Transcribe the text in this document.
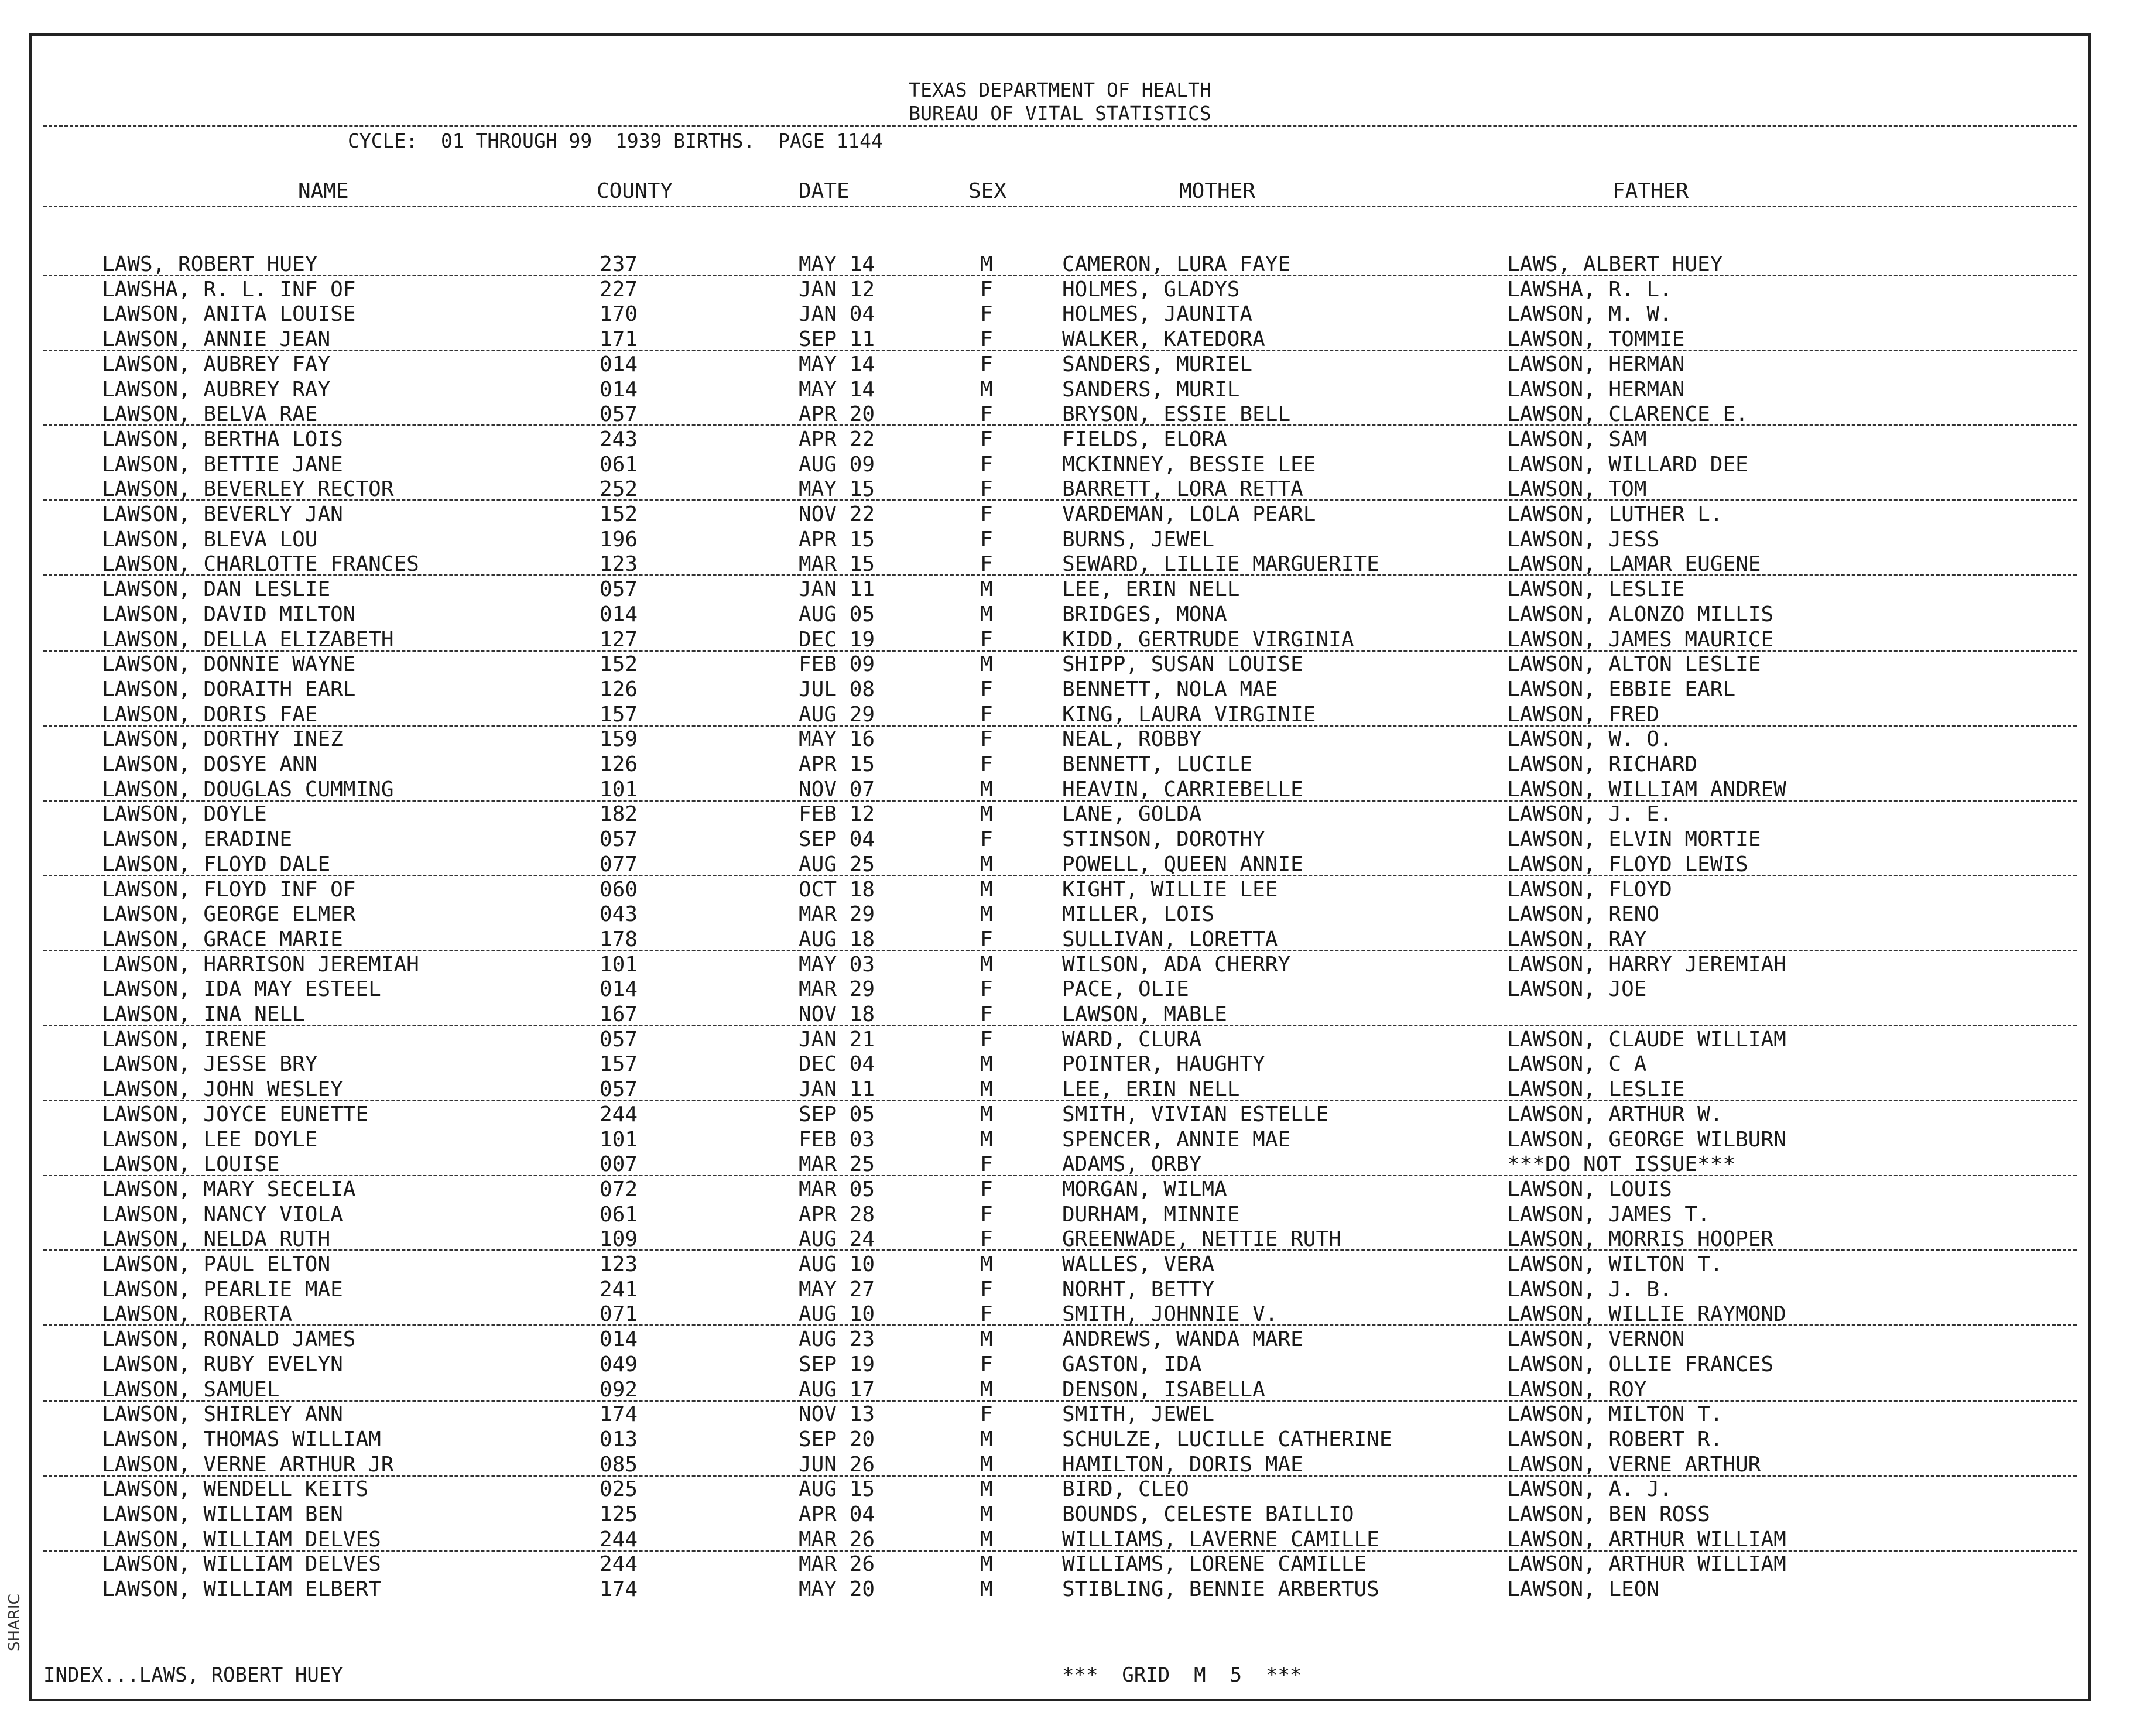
SHARIC
TEXAS DEPARTMENT OF HEALTH
BUREAU OF VITAL STATISTICS
CYCLE:  01 THROUGH 99  1939 BIRTHS.  PAGE 1144
NAME	COUNTY	DATE	SEX	MOTHER	FATHER
LAWS, ROBERT HUEY	237	MAY 14	M	CAMERON, LURA FAYE	LAWS, ALBERT HUEY
LAWSHA, R. L. INF OF	227	JAN 12	F	HOLMES, GLADYS	LAWSHA, R. L.
LAWSON, ANITA LOUISE	170	JAN 04	F	HOLMES, JAUNITA	LAWSON, M. W.
LAWSON, ANNIE JEAN	171	SEP 11	F	WALKER, KATEDORA	LAWSON, TOMMIE
LAWSON, AUBREY FAY	014	MAY 14	F	SANDERS, MURIEL	LAWSON, HERMAN
LAWSON, AUBREY RAY	014	MAY 14	M	SANDERS, MURIL	LAWSON, HERMAN
LAWSON, BELVA RAE	057	APR 20	F	BRYSON, ESSIE BELL	LAWSON, CLARENCE E.
LAWSON, BERTHA LOIS	243	APR 22	F	FIELDS, ELORA	LAWSON, SAM
LAWSON, BETTIE JANE	061	AUG 09	F	MCKINNEY, BESSIE LEE	LAWSON, WILLARD DEE
LAWSON, BEVERLEY RECTOR	252	MAY 15	F	BARRETT, LORA RETTA	LAWSON, TOM
LAWSON, BEVERLY JAN	152	NOV 22	F	VARDEMAN, LOLA PEARL	LAWSON, LUTHER L.
LAWSON, BLEVA LOU	196	APR 15	F	BURNS, JEWEL	LAWSON, JESS
LAWSON, CHARLOTTE FRANCES	123	MAR 15	F	SEWARD, LILLIE MARGUERITE	LAWSON, LAMAR EUGENE
LAWSON, DAN LESLIE	057	JAN 11	M	LEE, ERIN NELL	LAWSON, LESLIE
LAWSON, DAVID MILTON	014	AUG 05	M	BRIDGES, MONA	LAWSON, ALONZO MILLIS
LAWSON, DELLA ELIZABETH	127	DEC 19	F	KIDD, GERTRUDE VIRGINIA	LAWSON, JAMES MAURICE
LAWSON, DONNIE WAYNE	152	FEB 09	M	SHIPP, SUSAN LOUISE	LAWSON, ALTON LESLIE
LAWSON, DORAITH EARL	126	JUL 08	F	BENNETT, NOLA MAE	LAWSON, EBBIE EARL
LAWSON, DORIS FAE	157	AUG 29	F	KING, LAURA VIRGINIE	LAWSON, FRED
LAWSON, DORTHY INEZ	159	MAY 16	F	NEAL, ROBBY	LAWSON, W. O.
LAWSON, DOSYE ANN	126	APR 15	F	BENNETT, LUCILE	LAWSON, RICHARD
LAWSON, DOUGLAS CUMMING	101	NOV 07	M	HEAVIN, CARRIEBELLE	LAWSON, WILLIAM ANDREW
LAWSON, DOYLE	182	FEB 12	M	LANE, GOLDA	LAWSON, J. E.
LAWSON, ERADINE	057	SEP 04	F	STINSON, DOROTHY	LAWSON, ELVIN MORTIE
LAWSON, FLOYD DALE	077	AUG 25	M	POWELL, QUEEN ANNIE	LAWSON, FLOYD LEWIS
LAWSON, FLOYD INF OF	060	OCT 18	M	KIGHT, WILLIE LEE	LAWSON, FLOYD
LAWSON, GEORGE ELMER	043	MAR 29	M	MILLER, LOIS	LAWSON, RENO
LAWSON, GRACE MARIE	178	AUG 18	F	SULLIVAN, LORETTA	LAWSON, RAY
LAWSON, HARRISON JEREMIAH	101	MAY 03	M	WILSON, ADA CHERRY	LAWSON, HARRY JEREMIAH
LAWSON, IDA MAY ESTEEL	014	MAR 29	F	PACE, OLIE	LAWSON, JOE
LAWSON, INA NELL	167	NOV 18	F	LAWSON, MABLE
LAWSON, IRENE	057	JAN 21	F	WARD, CLURA	LAWSON, CLAUDE WILLIAM
LAWSON, JESSE BRY	157	DEC 04	M	POINTER, HAUGHTY	LAWSON, C A
LAWSON, JOHN WESLEY	057	JAN 11	M	LEE, ERIN NELL	LAWSON, LESLIE
LAWSON, JOYCE EUNETTE	244	SEP 05	M	SMITH, VIVIAN ESTELLE	LAWSON, ARTHUR W.
LAWSON, LEE DOYLE	101	FEB 03	M	SPENCER, ANNIE MAE	LAWSON, GEORGE WILBURN
LAWSON, LOUISE	007	MAR 25	F	ADAMS, ORBY	***DO NOT ISSUE***
LAWSON, MARY SECELIA	072	MAR 05	F	MORGAN, WILMA	LAWSON, LOUIS
LAWSON, NANCY VIOLA	061	APR 28	F	DURHAM, MINNIE	LAWSON, JAMES T.
LAWSON, NELDA RUTH	109	AUG 24	F	GREENWADE, NETTIE RUTH	LAWSON, MORRIS HOOPER
LAWSON, PAUL ELTON	123	AUG 10	M	WALLES, VERA	LAWSON, WILTON T.
LAWSON, PEARLIE MAE	241	MAY 27	F	NORHT, BETTY	LAWSON, J. B.
LAWSON, ROBERTA	071	AUG 10	F	SMITH, JOHNNIE V.	LAWSON, WILLIE RAYMOND
LAWSON, RONALD JAMES	014	AUG 23	M	ANDREWS, WANDA MARE	LAWSON, VERNON
LAWSON, RUBY EVELYN	049	SEP 19	F	GASTON, IDA	LAWSON, OLLIE FRANCES
LAWSON, SAMUEL	092	AUG 17	M	DENSON, ISABELLA	LAWSON, ROY
LAWSON, SHIRLEY ANN	174	NOV 13	F	SMITH, JEWEL	LAWSON, MILTON T.
LAWSON, THOMAS WILLIAM	013	SEP 20	M	SCHULZE, LUCILLE CATHERINE	LAWSON, ROBERT R.
LAWSON, VERNE ARTHUR JR	085	JUN 26	M	HAMILTON, DORIS MAE	LAWSON, VERNE ARTHUR
LAWSON, WENDELL KEITS	025	AUG 15	M	BIRD, CLEO	LAWSON, A. J.
LAWSON, WILLIAM BEN	125	APR 04	M	BOUNDS, CELESTE BAILLIO	LAWSON, BEN ROSS
LAWSON, WILLIAM DELVES	244	MAR 26	M	WILLIAMS, LAVERNE CAMILLE	LAWSON, ARTHUR WILLIAM
LAWSON, WILLIAM DELVES	244	MAR 26	M	WILLIAMS, LORENE CAMILLE	LAWSON, ARTHUR WILLIAM
LAWSON, WILLIAM ELBERT	174	MAY 20	M	STIBLING, BENNIE ARBERTUS	LAWSON, LEON
INDEX...LAWS, ROBERT HUEY	***  GRID  M  5  ***
